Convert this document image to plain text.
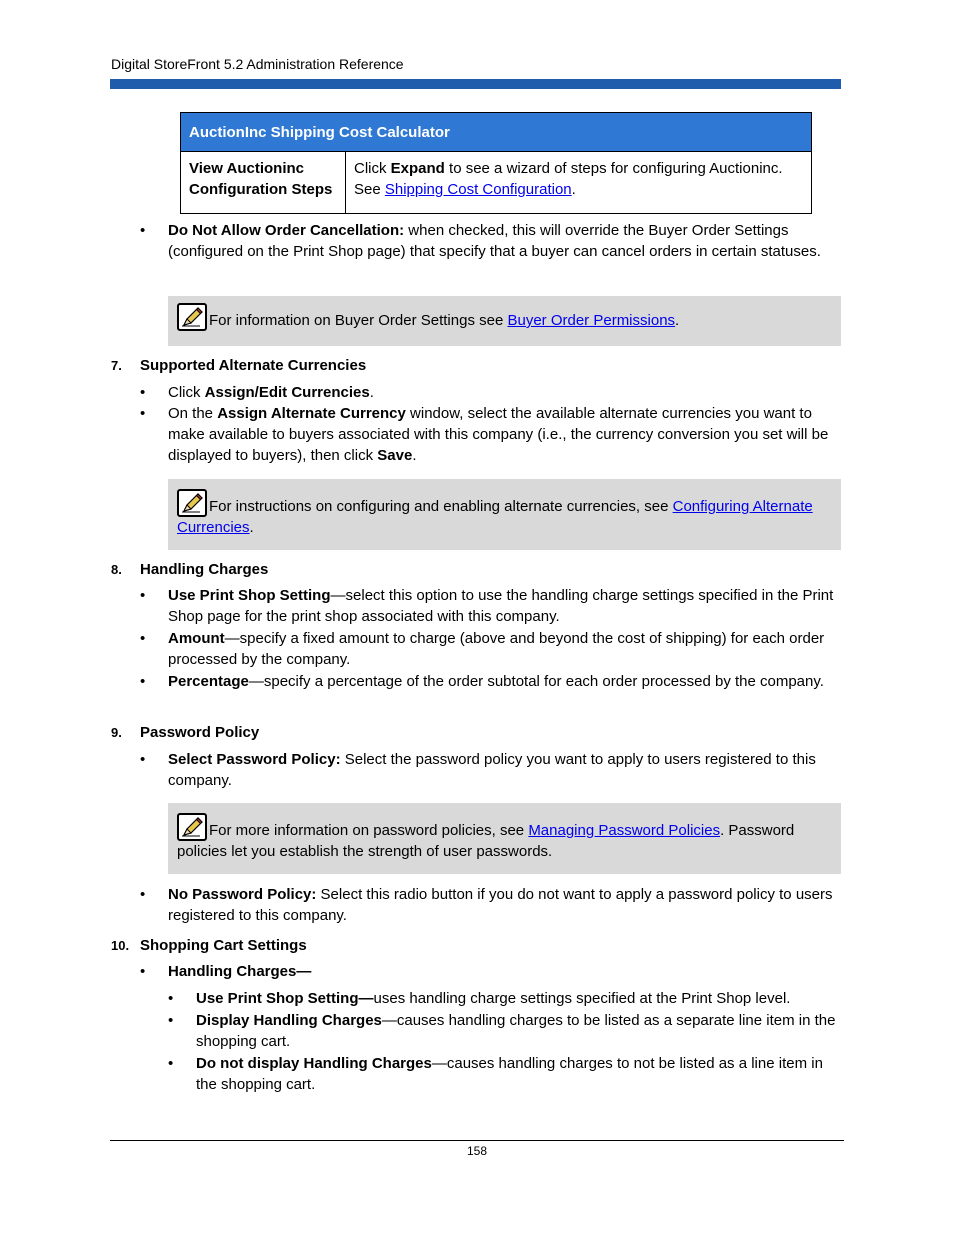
Digital StoreFront 5.2 Administration Reference
AuctionInc Shipping Cost Calculator
View Auctioninc Configuration Steps	Click Expand to see a wizard of steps for configuring Auctioninc. See Shipping Cost Configuration.
• Do Not Allow Order Cancellation: when checked, this will override the Buyer Order Settings (configured on the Print Shop page) that specify that a buyer can cancel orders in certain statuses.
For information on Buyer Order Settings see Buyer Order Permissions.
7. Supported Alternate Currencies
• Click Assign/Edit Currencies.
• On the Assign Alternate Currency window, select the available alternate currencies you want to make available to buyers associated with this company (i.e., the currency conversion you set will be displayed to buyers), then click Save.
For instructions on configuring and enabling alternate currencies, see Configuring Alternate Currencies.
8. Handling Charges
• Use Print Shop Setting—select this option to use the handling charge settings specified in the Print Shop page for the print shop associated with this company.
• Amount—specify a fixed amount to charge (above and beyond the cost of shipping) for each order processed by the company.
• Percentage—specify a percentage of the order subtotal for each order processed by the company.
9. Password Policy
• Select Password Policy: Select the password policy you want to apply to users registered to this company.
For more information on password policies, see Managing Password Policies. Password policies let you establish the strength of user passwords.
• No Password Policy: Select this radio button if you do not want to apply a password policy to users registered to this company.
10. Shopping Cart Settings
• Handling Charges—
• Use Print Shop Setting—uses handling charge settings specified at the Print Shop level.
• Display Handling Charges—causes handling charges to be listed as a separate line item in the shopping cart.
• Do not display Handling Charges—causes handling charges to not be listed as a line item in the shopping cart.
158
